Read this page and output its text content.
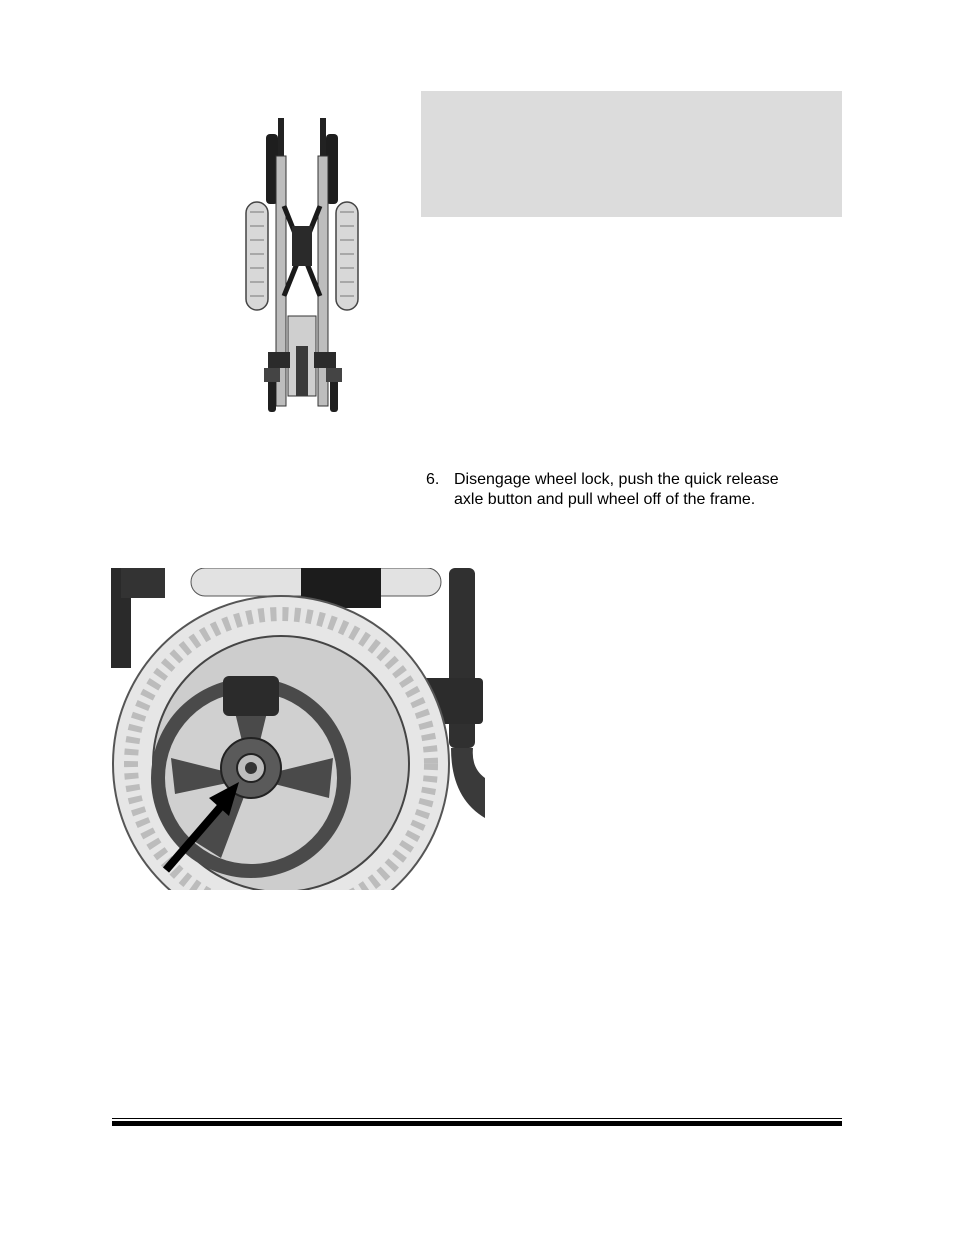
6. Disengage wheel lock, push the quick release axle button and pull wheel off of the frame.
